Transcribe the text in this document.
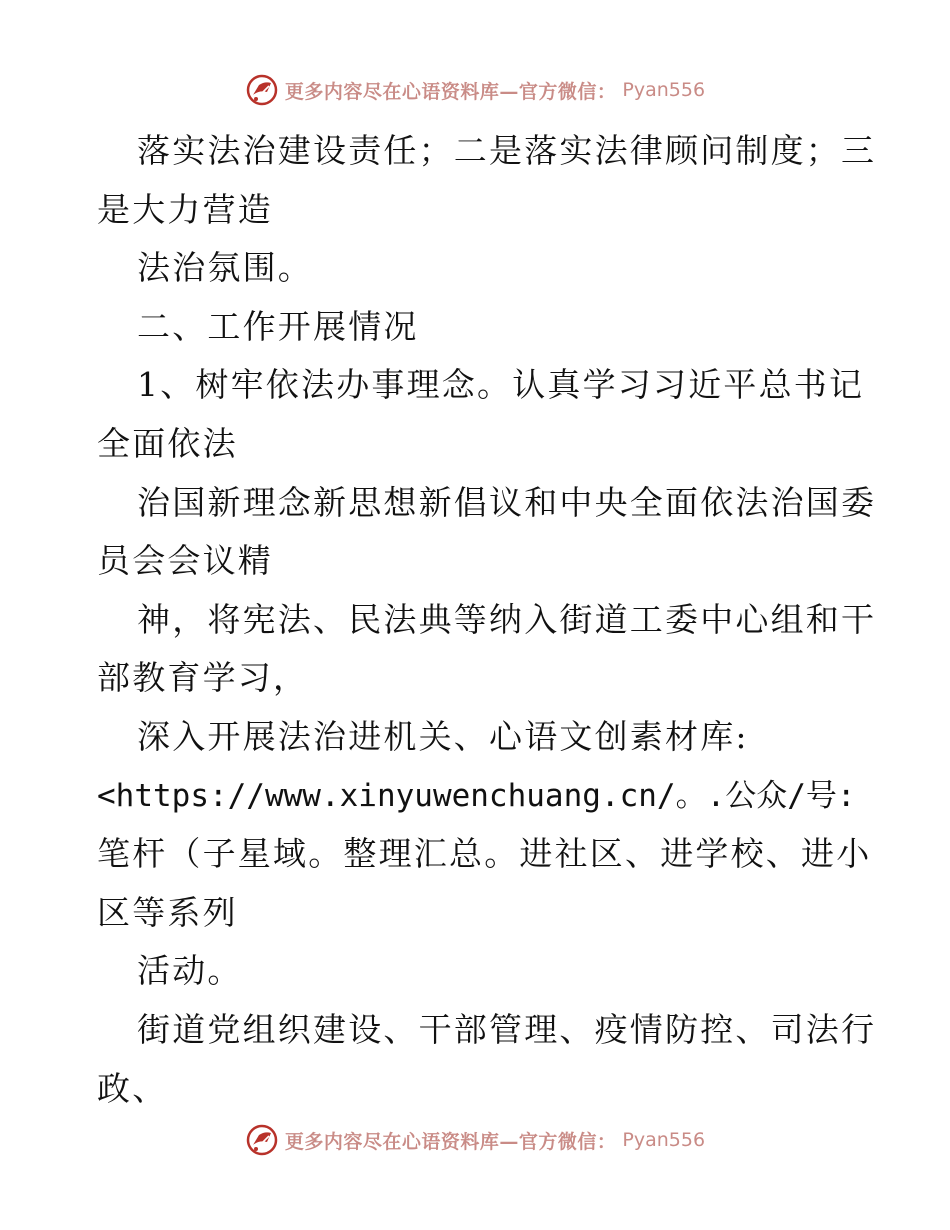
更多内容尽在心语资料库—官方微信： Pyan556
落实法治建设责任；二是落实法律顾问制度；三
是大力营造
法治氛围。
二、工作开展情况
1、树牢依法办事理念。认真学习习近平总书记
全面依法
治国新理念新思想新倡议和中央全面依法治国委
员会会议精
神，将宪法、民法典等纳入街道工委中心组和干
部教育学习，
深入开展法治进机关、心语文创素材库:
<https://www.xinyuwenchuang.cn/。.公众/号:
笔杆（子星域。整理汇总。进社区、进学校、进小
区等系列
活动。
街道党组织建设、干部管理、疫情防控、司法行
政、
更多内容尽在心语资料库—官方微信： Pyan556
